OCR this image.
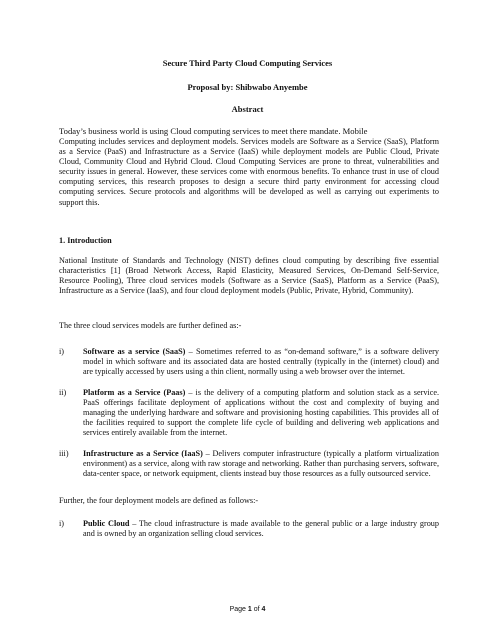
Secure Third Party Cloud Computing Services
Proposal by: Shibwabo Anyembe
Abstract
Today’s business world is using Cloud computing services to meet there mandate. Mobile
Computing includes services and deployment models. Services models are Software as a Service (SaaS), Platform as a Service (PaaS) and Infrastructure as a Service (IaaS) while deployment models are Public Cloud, Private Cloud, Community Cloud and Hybrid Cloud. Cloud Computing Services are prone to threat, vulnerabilities and security issues in general. However, these services come with enormous benefits. To enhance trust in use of cloud computing services, this research proposes to design a secure third party environment for accessing cloud computing services. Secure protocols and algorithms will be developed as well as carrying out experiments to support this.
1. Introduction
National Institute of Standards and Technology (NIST) defines cloud computing by describing five essential characteristics [1] (Broad Network Access, Rapid Elasticity, Measured Services, On-Demand Self-Service, Resource Pooling), Three cloud services models (Software as a Service (SaaS), Platform as a Service (PaaS), Infrastructure as a Service (IaaS), and four cloud deployment models (Public, Private, Hybrid, Community).
The three cloud services models are further defined as:-
i) Software as a service (SaaS) – Sometimes referred to as “on-demand software,” is a software delivery model in which software and its associated data are hosted centrally (typically in the (internet) cloud) and are typically accessed by users using a thin client, normally using a web browser over the internet.
ii) Platform as a Service (Paas) – is the delivery of a computing platform and solution stack as a service. PaaS offerings facilitate deployment of applications without the cost and complexity of buying and managing the underlying hardware and software and provisioning hosting capabilities. This provides all of the facilities required to support the complete life cycle of building and delivering web applications and services entirely available from the internet.
iii) Infrastructure as a Service (IaaS) – Delivers computer infrastructure (typically a platform virtualization environment) as a service, along with raw storage and networking. Rather than purchasing servers, software, data-center space, or network equipment, clients instead buy those resources as a fully outsourced service.
Further, the four deployment models are defined as follows:-
i) Public Cloud – The cloud infrastructure is made available to the general public or a large industry group and is owned by an organization selling cloud services.
Page 1 of 4
